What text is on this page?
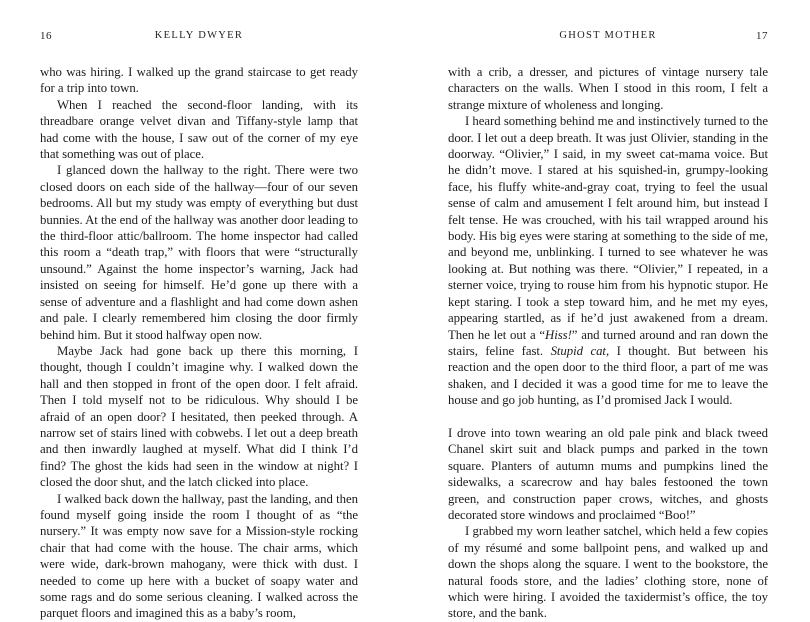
16	KELLY DWYER

who was hiring. I walked up the grand staircase to get ready for a trip into town.

When I reached the second-floor landing, with its threadbare orange velvet divan and Tiffany-style lamp that had come with the house, I saw out of the corner of my eye that something was out of place.

I glanced down the hallway to the right. There were two closed doors on each side of the hallway—four of our seven bedrooms. All but my study was empty of everything but dust bunnies. At the end of the hallway was another door leading to the third-floor attic/ballroom. The home inspector had called this room a “death trap,” with floors that were “structurally unsound.” Against the home inspector’s warning, Jack had insisted on seeing for himself. He’d gone up there with a sense of adventure and a flashlight and had come down ashen and pale. I clearly remembered him closing the door firmly behind him. But it stood halfway open now.

Maybe Jack had gone back up there this morning, I thought, though I couldn’t imagine why. I walked down the hall and then stopped in front of the open door. I felt afraid. Then I told myself not to be ridiculous. Why should I be afraid of an open door? I hesitated, then peeked through. A narrow set of stairs lined with cobwebs. I let out a deep breath and then inwardly laughed at myself. What did I think I’d find? The ghost the kids had seen in the window at night? I closed the door shut, and the latch clicked into place.

I walked back down the hallway, past the landing, and then found myself going inside the room I thought of as “the nursery.” It was empty now save for a Mission-style rocking chair that had come with the house. The chair arms, which were wide, dark-brown mahogany, were thick with dust. I needed to come up here with a bucket of soapy water and some rags and do some serious cleaning. I walked across the parquet floors and imagined this as a baby’s room,

GHOST MOTHER	17

with a crib, a dresser, and pictures of vintage nursery tale characters on the walls. When I stood in this room, I felt a strange mixture of wholeness and longing.

I heard something behind me and instinctively turned to the door. I let out a deep breath. It was just Olivier, standing in the doorway. “Olivier,” I said, in my sweet cat-mama voice. But he didn’t move. I stared at his squished-in, grumpy-looking face, his fluffy white-and-gray coat, trying to feel the usual sense of calm and amusement I felt around him, but instead I felt tense. He was crouched, with his tail wrapped around his body. His big eyes were staring at something to the side of me, and beyond me, unblinking. I turned to see whatever he was looking at. But nothing was there. “Olivier,” I repeated, in a sterner voice, trying to rouse him from his hypnotic stupor. He kept staring. I took a step toward him, and he met my eyes, appearing startled, as if he’d just awakened from a dream. Then he let out a “Hiss!” and turned around and ran down the stairs, feline fast. Stupid cat, I thought. But between his reaction and the open door to the third floor, a part of me was shaken, and I decided it was a good time for me to leave the house and go job hunting, as I’d promised Jack I would.

I drove into town wearing an old pale pink and black tweed Chanel skirt suit and black pumps and parked in the town square. Planters of autumn mums and pumpkins lined the sidewalks, a scarecrow and hay bales festooned the town green, and construction paper crows, witches, and ghosts decorated store windows and proclaimed “Boo!”

I grabbed my worn leather satchel, which held a few copies of my résumé and some ballpoint pens, and walked up and down the shops along the square. I went to the bookstore, the natural foods store, and the ladies’ clothing store, none of which were hiring. I avoided the taxidermist’s office, the toy store, and the bank.
